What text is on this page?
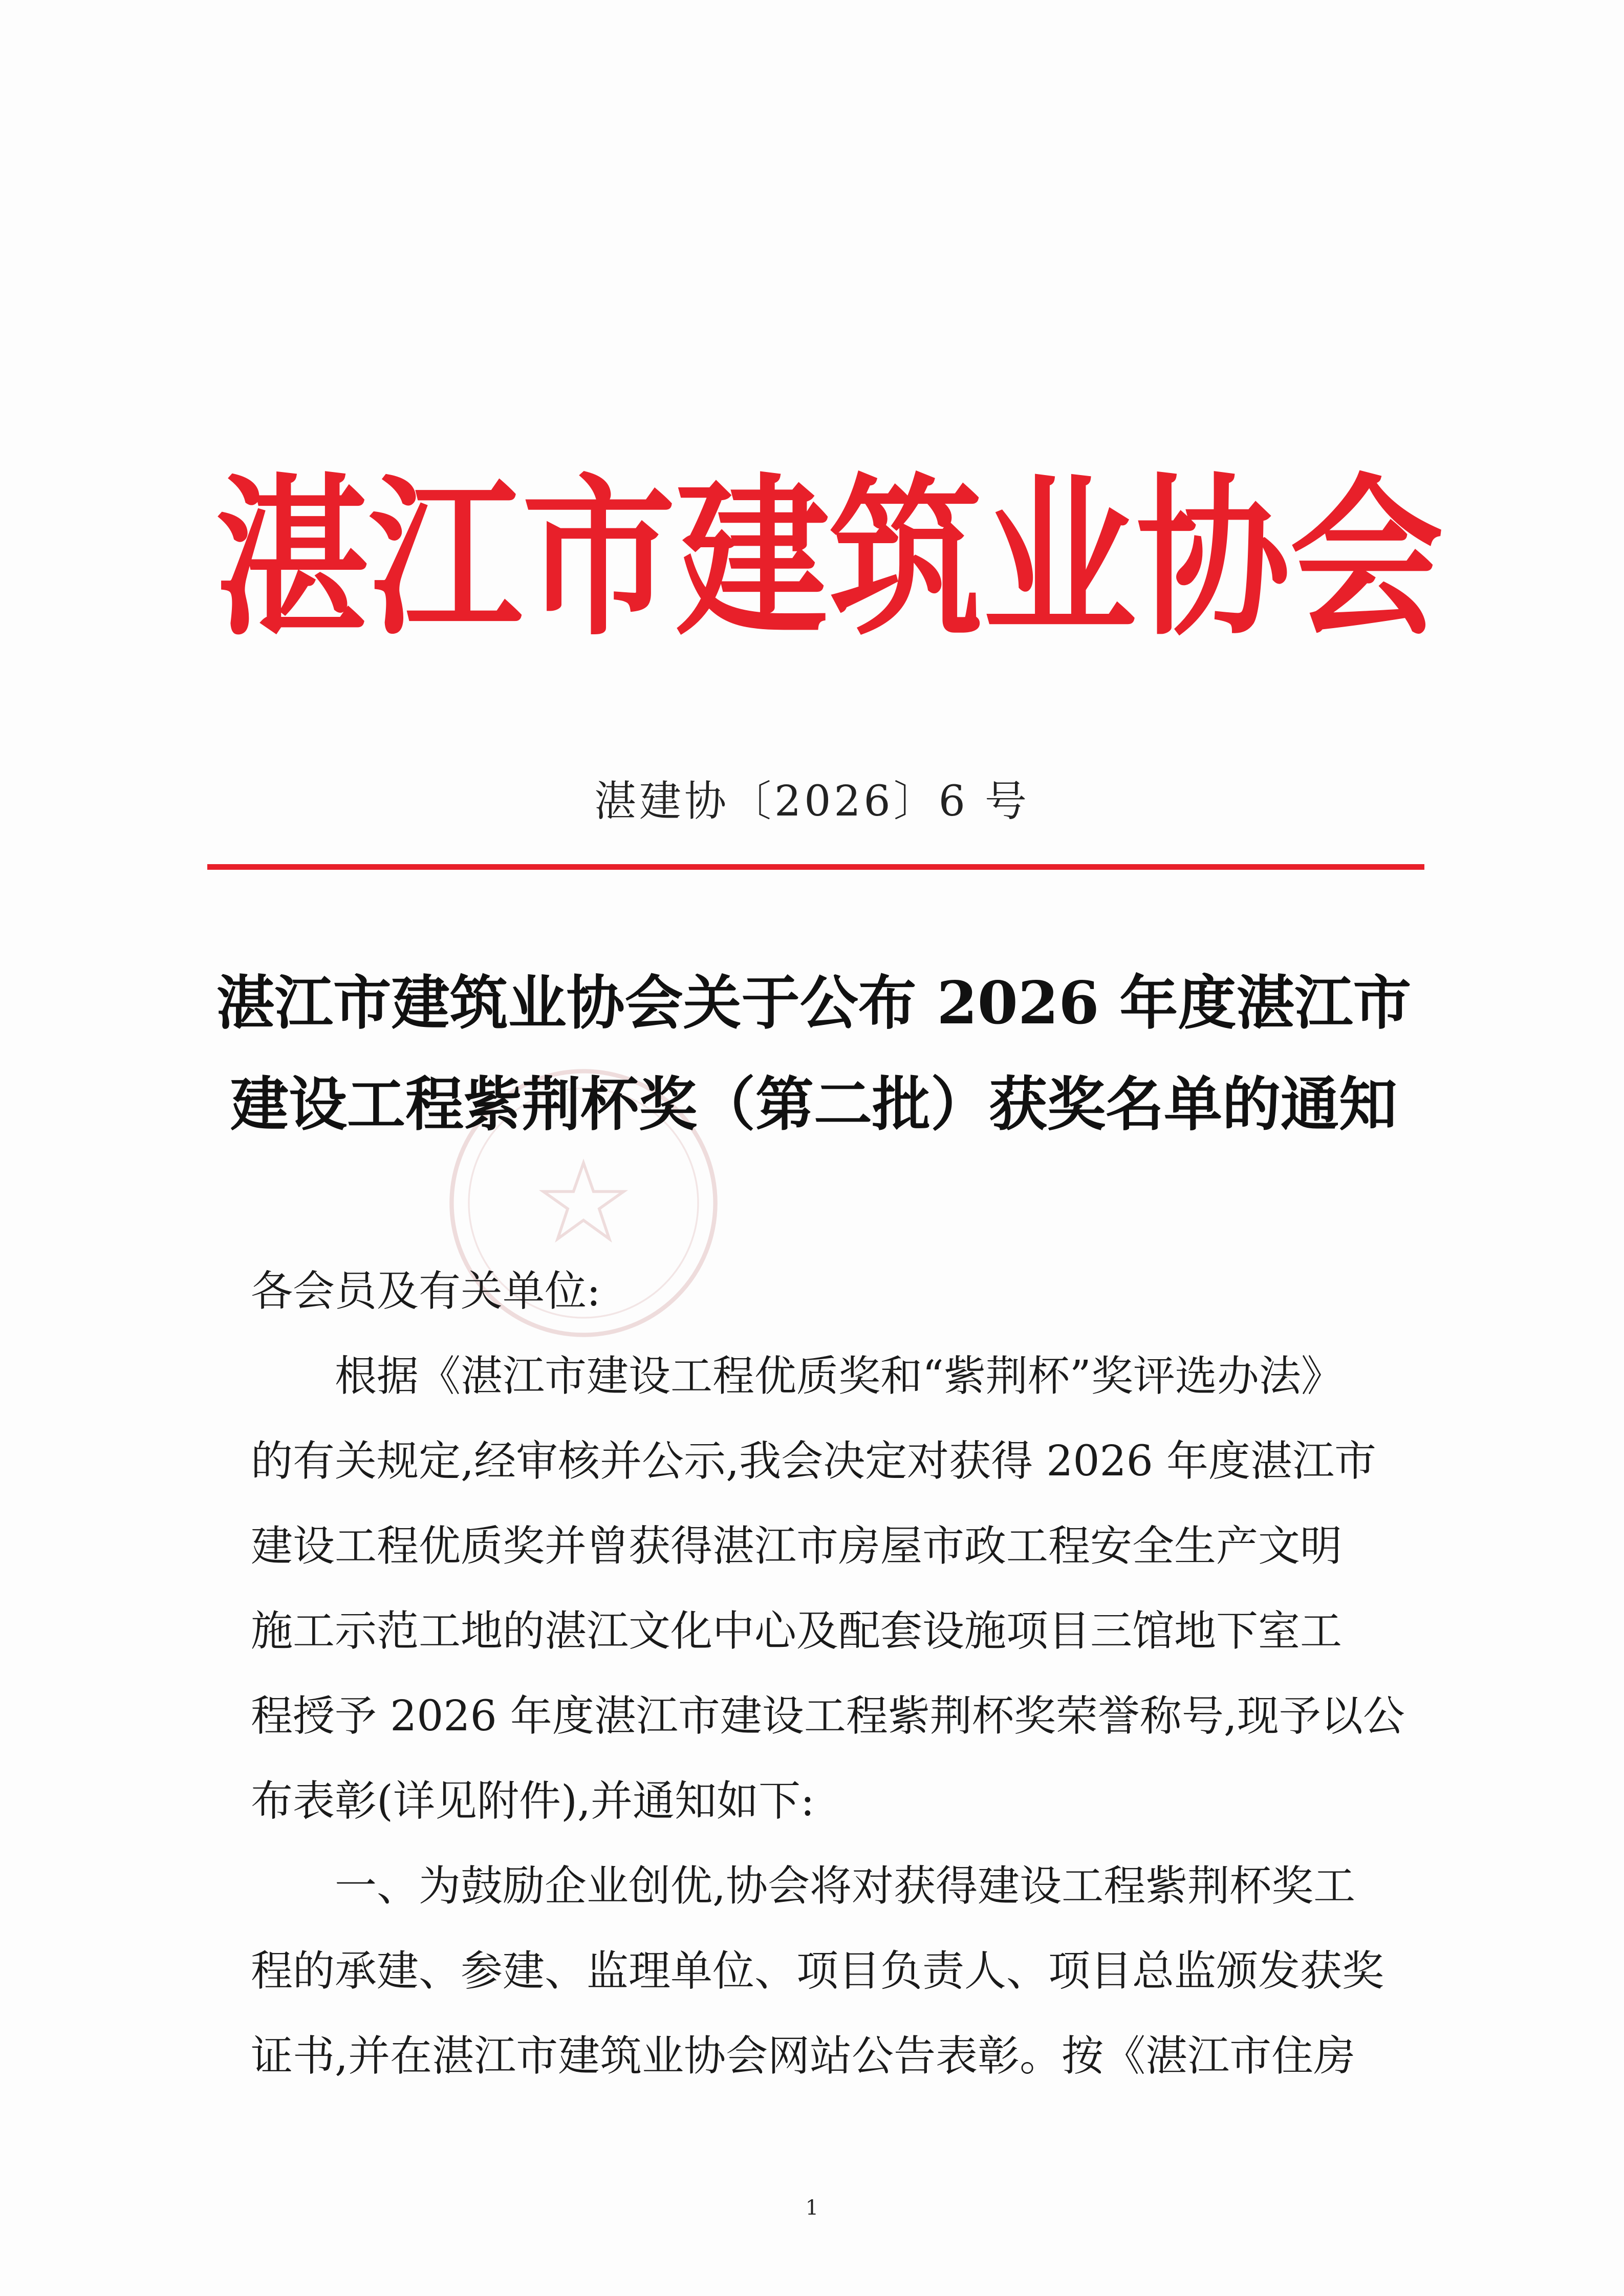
湛 江 市 建 筑 业 协 会
湛建协〔2026〕6 号
湛江市建筑业协会关于公布 2026 年度湛江市
建设工程紫荆杯奖（第二批）获奖名单的通知

各会员及有关单位:

根据《湛江市建设工程优质奖和“紫荆杯”奖评选办法》
的有关规定,经审核并公示,我会决定对获得 2026 年度湛江市
建设工程优质奖并曾获得湛江市房屋市政工程安全生产文明
施工示范工地的湛江文化中心及配套设施项目三馆地下室工
程授予 2026 年度湛江市建设工程紫荆杯奖荣誉称号,现予以公
布表彰(详见附件),并通知如下:
一、为鼓励企业创优,协会将对获得建设工程紫荆杯奖工
程的承建、参建、监理单位、项目负责人、项目总监颁发获奖
证书,并在湛江市建筑业协会网站公告表彰。按《湛江市住房
1
